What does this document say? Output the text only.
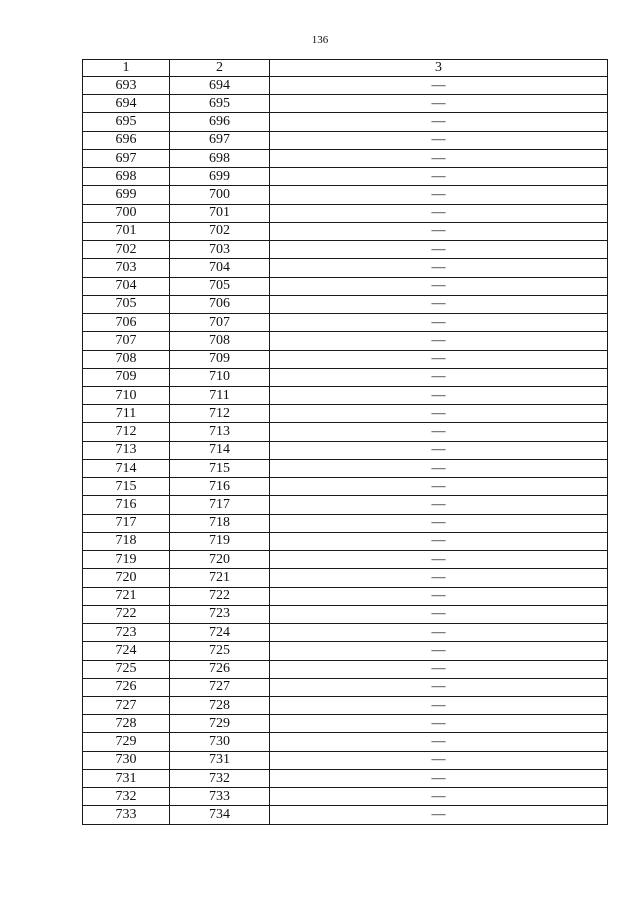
136
1	2	3
693	694	—
694	695	—
695	696	—
696	697	—
697	698	—
698	699	—
699	700	—
700	701	—
701	702	—
702	703	—
703	704	—
704	705	—
705	706	—
706	707	—
707	708	—
708	709	—
709	710	—
710	711	—
711	712	—
712	713	—
713	714	—
714	715	—
715	716	—
716	717	—
717	718	—
718	719	—
719	720	—
720	721	—
721	722	—
722	723	—
723	724	—
724	725	—
725	726	—
726	727	—
727	728	—
728	729	—
729	730	—
730	731	—
731	732	—
732	733	—
733	734	—
